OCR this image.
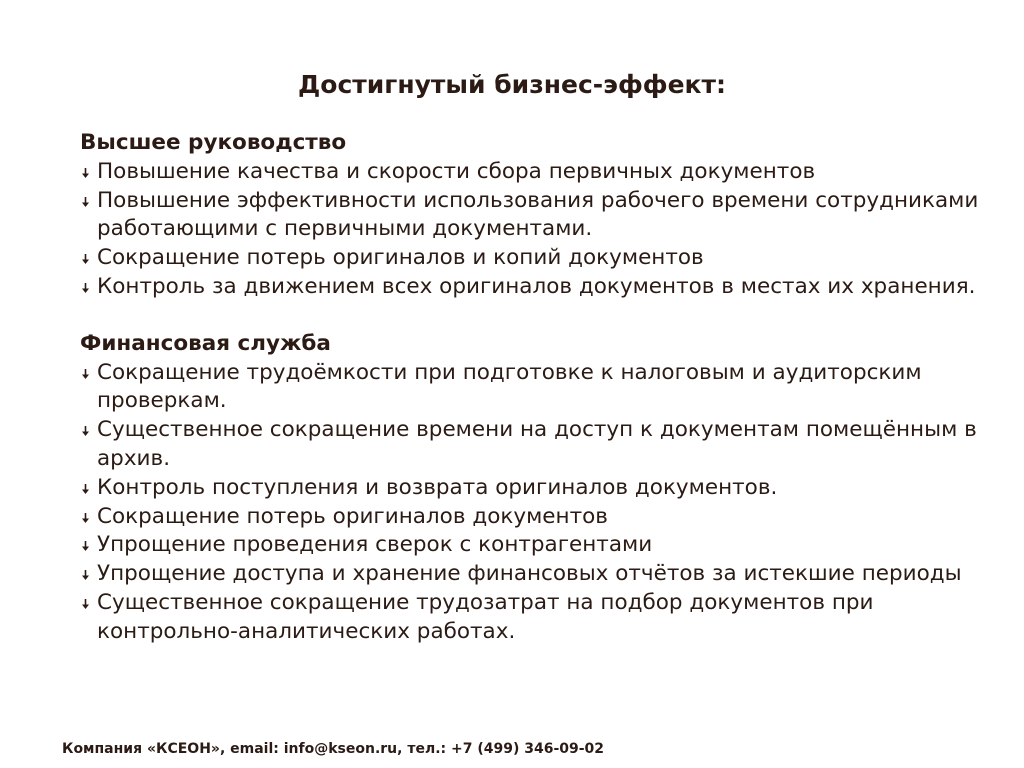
Достигнутый бизнес-эффект:
Высшее руководство
Повышение качества и скорости сбора первичных документов
Повышение эффективности использования рабочего времени сотрудниками работающими с первичными документами.
Сокращение потерь оригиналов и копий документов
Контроль за движением всех оригиналов документов в местах их хранения.
Финансовая служба
Сокращение трудоёмкости при подготовке к налоговым и аудиторским проверкам.
Существенное сокращение времени на доступ к документам помещённым в архив.
Контроль поступления и возврата оригиналов документов.
Сокращение потерь оригиналов документов
Упрощение проведения сверок с контрагентами
Упрощение доступа и хранение финансовых отчётов за истекшие периоды
Существенное сокращение трудозатрат на подбор документов при контрольно-аналитических работах.
Компания «КСЕОН», email: info@kseon.ru, тел.: +7 (499) 346-09-02
